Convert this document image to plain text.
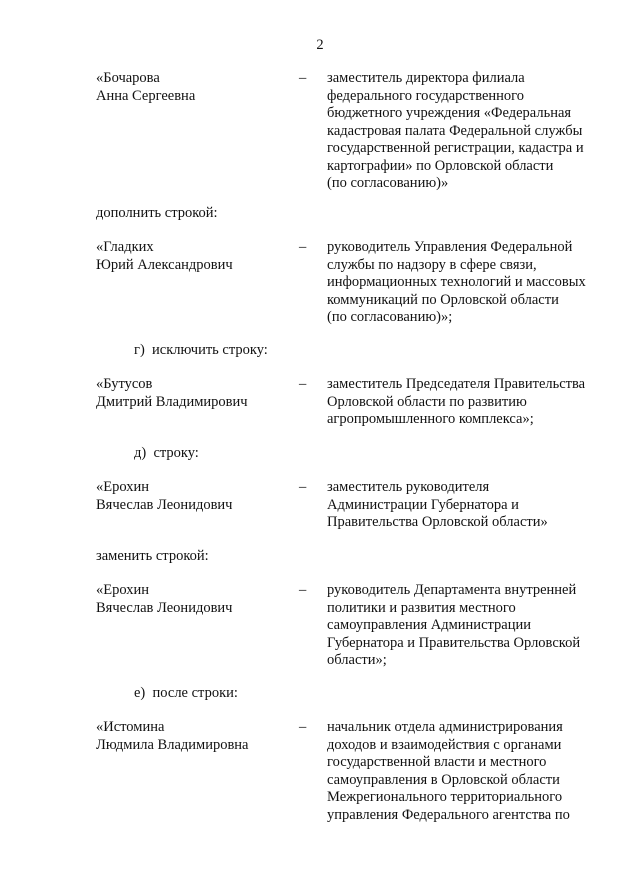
2
«Бочарова
Анна Сергеевна
– заместитель директора филиала
федерального государственного
бюджетного учреждения «Федеральная
кадастровая палата Федеральной службы
государственной регистрации, кадастра и
картографии» по Орловской области
(по согласованию)»
дополнить строкой:
«Гладких
Юрий Александрович
– руководитель Управления Федеральной
службы по надзору в сфере связи,
информационных технологий и массовых
коммуникаций по Орловской области
(по согласованию)»;
г)  исключить строку:
«Бутусов
Дмитрий Владимирович
– заместитель Председателя Правительства
Орловской области по развитию
агропромышленного комплекса»;
д)  строку:
«Ерохин
Вячеслав Леонидович
– заместитель руководителя
Администрации Губернатора и
Правительства Орловской области»
заменить строкой:
«Ерохин
Вячеслав Леонидович
– руководитель Департамента внутренней
политики и развития местного
самоуправления Администрации
Губернатора и Правительства Орловской
области»;
е)  после строки:
«Истомина
Людмила Владимировна
– начальник отдела администрирования
доходов и взаимодействия с органами
государственной власти и местного
самоуправления в Орловской области
Межрегионального территориального
управления Федерального агентства по
